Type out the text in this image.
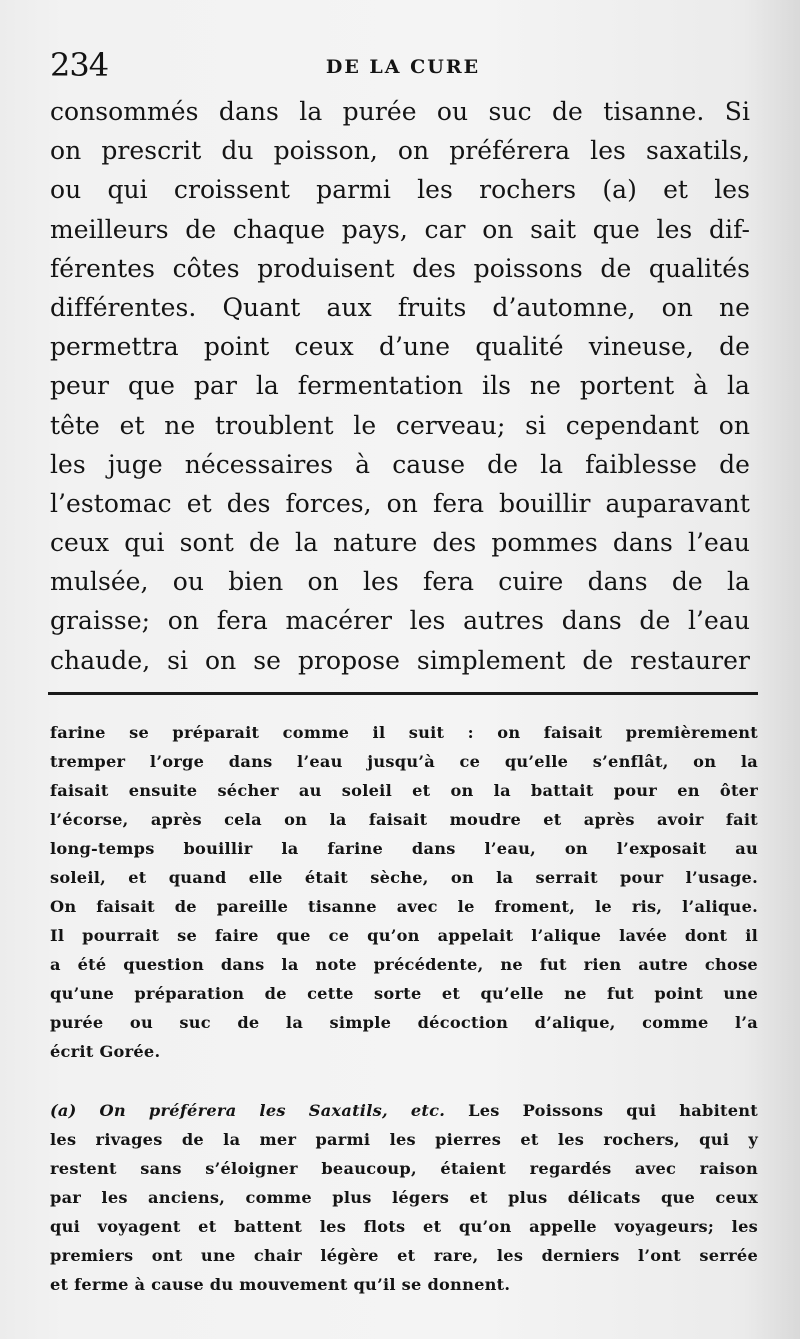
234	DE LA CURE
consommés dans la purée ou suc de tisanne. Si
on prescrit du poisson, on préférera les saxatils,
ou qui croissent parmi les rochers (a) et les
meilleurs de chaque pays, car on sait que les dif-
férentes côtes produisent des poissons de qualités
différentes. Quant aux fruits d’automne, on ne
permettra point ceux d’une qualité vineuse, de
peur que par la fermentation ils ne portent à la
tête et ne troublent le cerveau; si cependant on
les juge nécessaires à cause de la faiblesse de
l’estomac et des forces, on fera bouillir auparavant
ceux qui sont de la nature des pommes dans l’eau
mulsée, ou bien on les fera cuire dans de la
graisse; on fera macérer les autres dans de l’eau
chaude, si on se propose simplement de restaurer
farine se préparait comme il suit : on faisait premièrement
tremper l’orge dans l’eau jusqu’à ce qu’elle s’enflât, on la
faisait ensuite sécher au soleil et on la battait pour en ôter
l’écorse, après cela on la faisait moudre et après avoir fait
long-temps bouillir la farine dans l’eau, on l’exposait au
soleil, et quand elle était sèche, on la serrait pour l’usage.
On faisait de pareille tisanne avec le froment, le ris, l’alique.
Il pourrait se faire que ce qu’on appelait l’alique lavée dont il
a été question dans la note précédente, ne fut rien autre chose
qu’une préparation de cette sorte et qu’elle ne fut point une
purée ou suc de la simple décoction d’alique, comme l’a
écrit Gorée.
(a) On préférera les Saxatils, etc. Les Poissons qui habitent
les rivages de la mer parmi les pierres et les rochers, qui y
restent sans s’éloigner beaucoup, étaient regardés avec raison
par les anciens, comme plus légers et plus délicats que ceux
qui voyagent et battent les flots et qu’on appelle voyageurs; les
premiers ont une chair légère et rare, les derniers l’ont serrée
et ferme à cause du mouvement qu’il se donnent.
